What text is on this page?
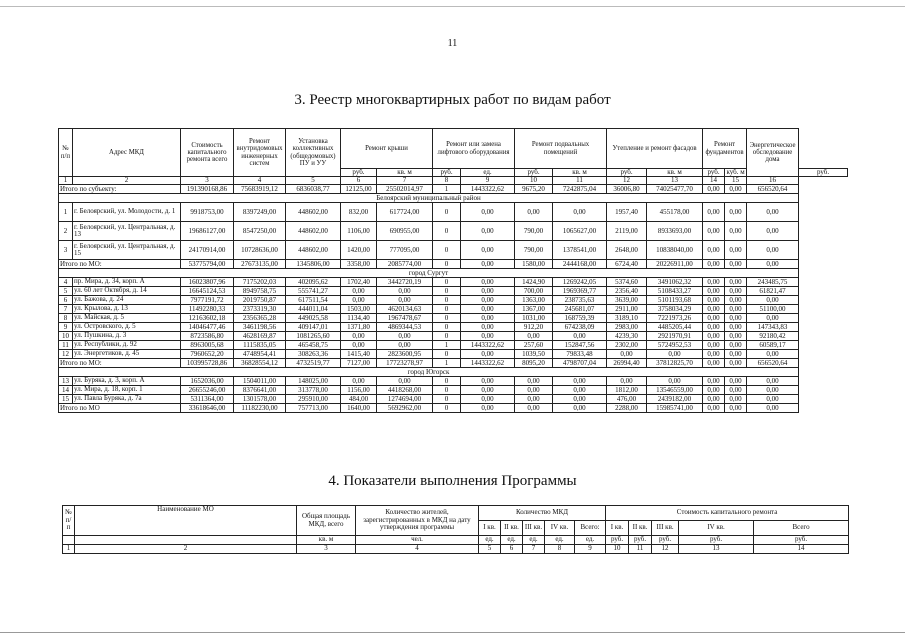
11
3. Реестр многоквартирных работ по видам работ
№ п/п	Адрес МКД	Стоимость капитального ремонта всего	Ремонт внутридомовых инженерных систем	Установка коллективных (общедомовых) ПУ и УУ	Ремонт крыши		Ремонт или замена лифтового оборудования		Ремонт подвальных помещений		Утепление и ремонт фасадов		Ремонт фундаментов		Энергетическое обследование дома	
					руб.	кв. м	руб.	ед.	руб.	кв. м	руб.	кв. м	руб.	куб. м		руб.
1	2	3	4	5	6	7	8	9	10	11	12	13	14	15	16	
Итого по субъекту:		191390168,86	75683919,12	6836038,77	12125,00	25502014,97	1	1443322,62	9675,20	7242875,04	36006,80	74025477,70	0,00	0,00	656520,64	
Белоярский муниципальный район																
1	г. Белоярский, ул. Молодости, д. 1	9918753,00	8397249,00	448602,00	832,00	617724,00	0	0,00	0,00	0,00	1957,40	455178,00	0,00	0,00	0,00	
2	г. Белоярский, ул. Центральная, д. 13	19686127,00	8547250,00	448602,00	1106,00	690955,00	0	0,00	790,00	1065627,00	2119,00	8933693,00	0,00	0,00	0,00	
3	г. Белоярский, ул. Центральная, д. 15	24170914,00	10728636,00	448602,00	1420,00	777095,00	0	0,00	790,00	1378541,00	2648,00	10838040,00	0,00	0,00	0,00	
Итого по МО:		53775794,00	27673135,00	1345806,00	3358,00	2085774,00	0	0,00	1580,00	2444168,00	6724,40	20226911,00	0,00	0,00	0,00	
город Сургут																
4	пр. Мира, д. 34, корп. А	16023807,96	7175202,03	402095,62	1702,40	3442720,19	0	0,00	1424,90	1269242,05	5374,60	3491062,32	0,00	0,00	243485,75	
5	ул. 60 лет Октября, д. 14	16645124,53	8949758,75	555741,27	0,00	0,00	0	0,00	700,00	1969369,77	2356,40	5108433,27	0,00	0,00	61821,47	
6	ул. Бажова, д. 24	7977191,72	2019750,87	617511,54	0,00	0,00	0	0,00	1363,00	238735,63	3639,00	5101193,68	0,00	0,00	0,00	
7	ул. Крылова, д. 13	11492280,33	2373319,30	444011,04	1503,00	4620134,63	0	0,00	1367,00	245681,07	2911,00	3758034,29	0,00	0,00	51100,00	
8	ул. Майская, д. 5	12163602,18	2356365,28	449025,58	1134,40	1967478,67	0	0,00	1031,00	168759,39	3189,10	7221973,26	0,00	0,00	0,00	
9	ул. Островского, д. 5	14046477,46	3461198,56	409147,01	1371,80	4869344,53	0	0,00	912,20	674238,09	2983,00	4485205,44	0,00	0,00	147343,83	
10	ул. Пушкина, д. 3	8723586,80	4628169,87	1081265,60	0,00	0,00	0	0,00	0,00	0,00	4239,30	2921970,91	0,00	0,00	92180,42	
11	ул. Республики, д. 92	8963005,68	1115835,05	465458,75	0,00	0,00	1	1443322,62	257,60	152847,56	2302,00	5724952,53	0,00	0,00	60589,17	
12	ул. Энергетиков, д. 45	7960652,20	4748954,41	308263,36	1415,40	2823600,95	0	0,00	1039,50	79833,48	0,00	0,00	0,00	0,00	0,00	
Итого по МО:		103995728,86	36828554,12	4732519,77	7127,00	17723278,97	1	1443322,62	8095,20	4798707,04	26994,40	37812825,70	0,00	0,00	656520,64	
город Югорск																
13	ул. Буряка, д. 3, корп. А	1652036,00	1504011,00	148025,00	0,00	0,00	0	0,00	0,00	0,00	0,00	0,00	0,00	0,00	0,00	
14	ул. Мира, д. 18, корп. 1	26655246,00	8376641,00	313778,00	1156,00	4418268,00	0	0,00	0,00	0,00	1812,00	13546559,00	0,00	0,00	0,00	
15	ул. Павла Буряка, д. 7а	5311364,00	1301578,00	295910,00	484,00	1274694,00	0	0,00	0,00	0,00	476,00	2439182,00	0,00	0,00	0,00	
Итого по МО		33618646,00	11182230,00	757713,00	1640,00	5692962,00	0	0,00	0,00	0,00	2288,00	15985741,00	0,00	0,00	0,00	
4. Показатели выполнения Программы
№ п/п	Наименование МО	Общая площадь МКД, всего	Количество жителей, зарегистрированных в МКД на дату утверждения программы	Количество МКД					Стоимость капитального ремонта				
				I кв.	II кв.	III кв.	IV кв.	Всего:	I кв.	II кв.	III кв.	IV кв.	Всего
		кв. м	чел.	ед.	ед.	ед.	ед.	ед.	руб.	руб.	руб.	руб.	руб.
1	2	3	4	5	6	7	8	9	10	11	12	13	14
